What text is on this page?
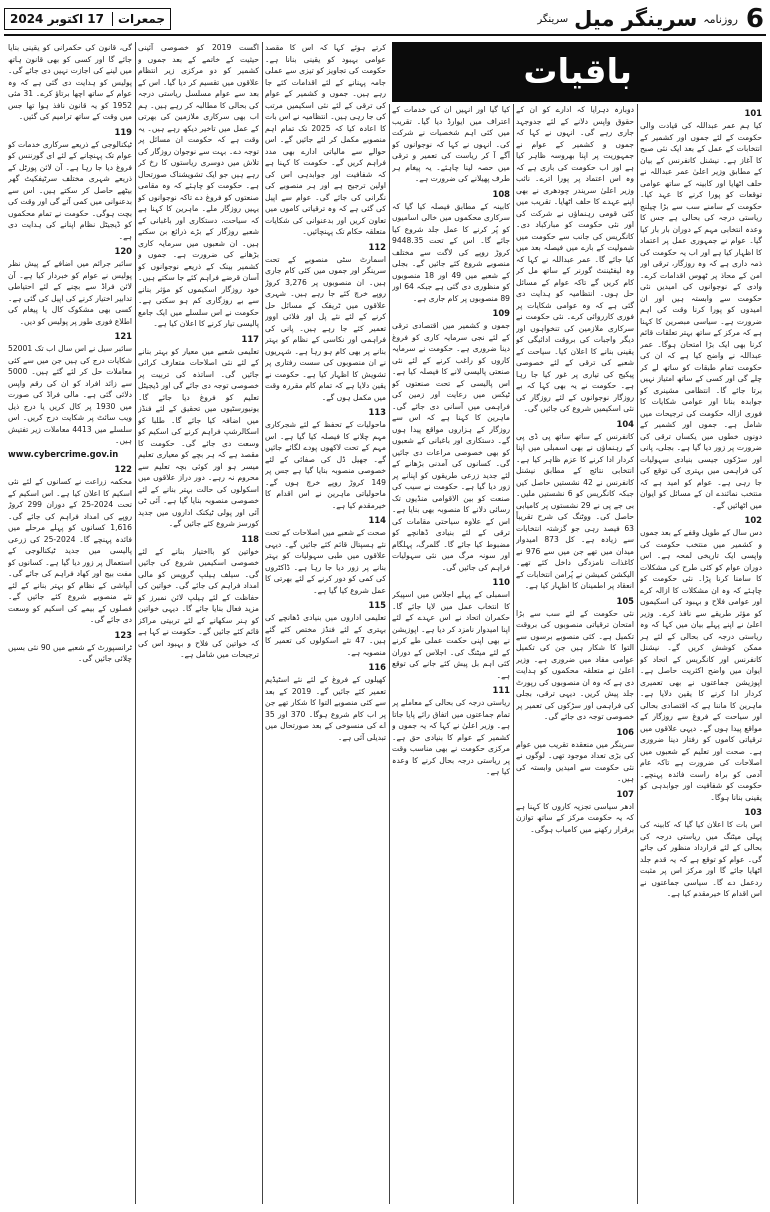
6
روزنامہ
سرینگر میل
سرینگر
17 اکتوبر 2024	جمعرات
باقیات
101

کیا ہم عمر عبداللہ کی قیادت والی حکومت کے لئے جموں اور کشمیر کے انتخابات کے عمل کے بعد ایک نئی صبح کا آغاز ہے۔ نیشنل کانفرنس کے بیان کے مطابق وزیر اعلیٰ عمر عبداللہ نے حلف اٹھایا اور کابینہ کے ساتھ عوامی توقعات کو پورا کرنے کا عہد کیا۔ حکومت کے سامنے سب سے بڑا چیلنج ریاستی درجہ کی بحالی ہے جس کا وعدہ انتخابی مہم کے دوران بار بار کیا گیا۔ عوام نے جمہوری عمل پر اعتماد کا اظہار کیا ہے اور اب یہ حکومت کی ذمہ داری ہے کہ وہ روزگار، ترقی اور امن کے محاذ پر ٹھوس اقدامات کرے۔ وادی کے نوجوانوں کی امیدیں نئی حکومت سے وابستہ ہیں اور ان امیدوں کو پورا کرنا وقت کی اہم ضرورت ہے۔ سیاسی مبصرین کا کہنا ہے کہ مرکز کے ساتھ بہتر تعلقات قائم کرنا بھی ایک بڑا امتحان ہوگا۔ عمر عبداللہ نے واضح کیا ہے کہ ان کی حکومت تمام طبقات کو ساتھ لے کر چلے گی اور کسی کے ساتھ امتیاز نہیں برتا جائے گا۔ انتظامی مشینری کو جوابدہ بنانا اور عوامی شکایات کا فوری ازالہ حکومت کی ترجیحات میں شامل ہے۔ جموں اور کشمیر کے دونوں خطوں میں یکساں ترقی کی ضرورت پر زور دیا گیا ہے۔ بجلی، پانی اور سڑکوں جیسی بنیادی سہولیات کی فراہمی میں بہتری کی توقع کی جا رہی ہے۔ عوام کو امید ہے کہ منتخب نمائندے ان کے مسائل کو ایوان میں اٹھائیں گے۔

102

دس سال کے طویل وقفے کے بعد جموں و کشمیر میں منتخب حکومت کی واپسی ایک تاریخی لمحہ ہے۔ اس دوران عوام کو کئی طرح کی مشکلات کا سامنا کرنا پڑا۔ نئی حکومت کو چاہئے کہ وہ ان مشکلات کا ازالہ کرے اور عوامی فلاح و بہبود کی اسکیموں کو مؤثر طریقے سے نافذ کرے۔ وزیر اعلیٰ نے اپنے پہلے بیان میں کہا کہ وہ ریاستی درجہ کی بحالی کے لئے ہر ممکن کوشش کریں گے۔ نیشنل کانفرنس اور کانگریس کے اتحاد کو ایوان میں واضح اکثریت حاصل ہے۔ اپوزیشن جماعتوں نے بھی تعمیری کردار ادا کرنے کا یقین دلایا ہے۔ ماہرین کا ماننا ہے کہ اقتصادی بحالی اور سیاحت کے فروغ سے روزگار کے مواقع پیدا ہوں گے۔ دیہی علاقوں میں ترقیاتی کاموں کو رفتار دینا ضروری ہے۔ صحت اور تعلیم کے شعبوں میں اصلاحات کی ضرورت ہے تاکہ عام آدمی کو براہ راست فائدہ پہنچے۔ حکومت کو شفافیت اور جوابدہی کو یقینی بنانا ہوگا۔

103

اس بات کا اعلان کیا گیا کہ کابینہ کی پہلی میٹنگ میں ریاستی درجہ کی بحالی کے لئے قرارداد منظور کی جائے گی۔ عوام کو توقع ہے کہ یہ قدم جلد اٹھایا جائے گا اور مرکز اس پر مثبت ردعمل دے گا۔ سیاسی جماعتوں نے اس اقدام کا خیرمقدم کیا ہے۔

دوبارہ دہرایا کہ ادارے کو ان کے حقوق واپس دلانے کے لئے جدوجہد جاری رہے گی۔ انہوں نے کہا کہ جموں و کشمیر کے عوام نے جمہوریت پر اپنا بھروسہ ظاہر کیا ہے اور اب حکومت کی باری ہے کہ وہ اس اعتماد پر پورا اترے۔ نائب وزیر اعلیٰ سریندر چودھری نے بھی اپنے عہدے کا حلف اٹھایا۔ تقریب میں کئی قومی رہنماؤں نے شرکت کی اور نئی حکومت کو مبارکباد دی۔ کانگریس کی جانب سے حکومت میں شمولیت کے بارے میں فیصلہ بعد میں کیا جائے گا۔ عمر عبداللہ نے کہا کہ وہ لیفٹیننٹ گورنر کے ساتھ مل کر کام کریں گے تاکہ عوام کے مسائل حل ہوں۔ انتظامیہ کو ہدایت دی گئی ہے کہ وہ عوامی شکایات پر فوری کارروائی کرے۔ نئی حکومت نے سرکاری ملازمین کی تنخواہوں اور دیگر واجبات کی بروقت ادائیگی کو یقینی بنانے کا اعلان کیا۔ سیاحت کے شعبے کی ترقی کے لئے خصوصی پیکیج کی تیاری پر غور کیا جا رہا ہے۔ حکومت نے یہ بھی کہا کہ بے روزگار نوجوانوں کے لئے روزگار کی نئی اسکیمیں شروع کی جائیں گی۔

104

کانفرنس کے ساتھ ساتھ پی ڈی پی کے رہنماؤں نے بھی اسمبلی میں اپنا کردار ادا کرنے کا عزم ظاہر کیا ہے۔ انتخابی نتائج کے مطابق نیشنل کانفرنس نے 42 نشستیں حاصل کیں جبکہ کانگریس کو 6 نشستیں ملیں۔ بی جے پی نے 29 نشستوں پر کامیابی حاصل کی۔ ووٹنگ کی شرح تقریباً 63 فیصد رہی جو گزشتہ انتخابات سے زیادہ ہے۔ کل 873 امیدوار میدان میں تھے جن میں سے 976 نے کاغذات نامزدگی داخل کئے تھے۔ الیکشن کمیشن نے پُرامن انتخابات کے انعقاد پر اطمینان کا اظہار کیا ہے۔

105

نئی حکومت کے لئے سب سے بڑا امتحان ترقیاتی منصوبوں کی بروقت تکمیل ہے۔ کئی منصوبے برسوں سے التوا کا شکار ہیں جن کی تکمیل عوامی مفاد میں ضروری ہے۔ وزیر اعلیٰ نے متعلقہ محکموں کو ہدایت دی ہے کہ وہ ان منصوبوں کی رپورٹ جلد پیش کریں۔ دیہی ترقی، بجلی کی فراہمی اور سڑکوں کی تعمیر پر خصوصی توجہ دی جائے گی۔

106

سرینگر میں منعقدہ تقریب میں عوام کی بڑی تعداد موجود تھی۔ لوگوں نے نئی حکومت سے امیدیں وابستہ کی ہیں۔

107

ادھر سیاسی تجزیہ کاروں کا کہنا ہے کہ یہ حکومت مرکز کے ساتھ توازن برقرار رکھنے میں کامیاب ہوگی۔

کیا گیا اور انہیں ان کی خدمات کے اعتراف میں ایوارڈ دیا گیا۔ تقریب میں کئی اہم شخصیات نے شرکت کی۔ انہوں نے کہا کہ نوجوانوں کو آگے آ کر ریاست کی تعمیر و ترقی میں حصہ لینا چاہئے۔ یہ پیغام ہر طرف پھیلانے کی ضرورت ہے۔

108

کابینہ کے مطابق فیصلہ کیا گیا کہ سرکاری محکموں میں خالی اسامیوں کو پُر کرنے کا عمل جلد شروع کیا جائے گا۔ اس کے تحت 9448.35 کروڑ روپے کی لاگت سے مختلف منصوبے شروع کئے جائیں گے۔ بجلی کے شعبے میں 49 اور 18 منصوبوں کو منظوری دی گئی ہے جبکہ 64 اور 89 منصوبوں پر کام جاری ہے۔

109

جموں و کشمیر میں اقتصادی ترقی کے لئے نجی سرمایہ کاری کو فروغ دینا ضروری ہے۔ حکومت نے سرمایہ کاروں کو راغب کرنے کے لئے نئی صنعتی پالیسی لانے کا فیصلہ کیا ہے۔ اس پالیسی کے تحت صنعتوں کو ٹیکس میں رعایت اور زمین کی فراہمی میں آسانی دی جائے گی۔ ماہرین کا کہنا ہے کہ اس سے روزگار کے ہزاروں مواقع پیدا ہوں گے۔ دستکاری اور باغبانی کے شعبوں کو بھی خصوصی مراعات دی جائیں گی۔ کسانوں کی آمدنی بڑھانے کے لئے جدید زرعی طریقوں کو اپنانے پر زور دیا گیا ہے۔ حکومت نے سیب کی صنعت کو بین الاقوامی منڈیوں تک رسائی دلانے کا منصوبہ بھی بنایا ہے۔ اس کے علاوہ سیاحتی مقامات کی ترقی کے لئے بنیادی ڈھانچے کو مضبوط کیا جائے گا۔ گلمرگ، پہلگام اور سونہ مرگ میں نئی سہولیات فراہم کی جائیں گی۔

110

اسمبلی کے پہلے اجلاس میں اسپیکر کا انتخاب عمل میں لایا جائے گا۔ حکمران اتحاد نے اس عہدے کے لئے اپنا امیدوار نامزد کر دیا ہے۔ اپوزیشن نے بھی اپنی حکمت عملی طے کرنے کے لئے میٹنگ کی۔ اجلاس کے دوران کئی اہم بل پیش کئے جانے کی توقع ہے۔

111

ریاستی درجہ کی بحالی کے معاملے پر تمام جماعتوں میں اتفاق رائے پایا جاتا ہے۔ وزیر اعلیٰ نے کہا کہ یہ جموں و کشمیر کے عوام کا بنیادی حق ہے۔ مرکزی حکومت نے بھی مناسب وقت پر ریاستی درجہ بحال کرنے کا وعدہ کیا ہے۔

کرتے ہوئے کہا کہ اس کا مقصد عوامی بہبود کو یقینی بنانا ہے۔ حکومت کی تجاویز کو تیزی سے عملی جامہ پہنانے کے لئے اقدامات کئے جا رہے ہیں۔ جموں و کشمیر کے عوام کی ترقی کے لئے نئی اسکیمیں مرتب کی جا رہی ہیں۔ انتظامیہ نے اس بات کا اعادہ کیا کہ 2025 تک تمام اہم منصوبے مکمل کر لئے جائیں گے۔ اس حوالے سے مالیاتی ادارے بھی مدد فراہم کریں گے۔ حکومت کا کہنا ہے کہ شفافیت اور جوابدہی اس کی اولین ترجیح ہے اور ہر منصوبے کی نگرانی کی جائے گی۔ عوام سے اپیل کی گئی ہے کہ وہ ترقیاتی کاموں میں تعاون کریں اور بدعنوانی کی شکایات متعلقہ حکام تک پہنچائیں۔

112

اسمارٹ سٹی منصوبے کے تحت سرینگر اور جموں میں کئی کام جاری ہیں۔ ان منصوبوں پر 3,276 کروڑ روپے خرچ کئے جا رہے ہیں۔ شہری علاقوں میں ٹریفک کے مسائل حل کرنے کے لئے نئے پل اور فلائی اوور تعمیر کئے جا رہے ہیں۔ پانی کی فراہمی اور نکاسی کے نظام کو بہتر بنانے پر بھی کام ہو رہا ہے۔ شہریوں نے ان منصوبوں کی سست رفتاری پر تشویش کا اظہار کیا ہے۔ حکومت نے یقین دلایا ہے کہ تمام کام مقررہ وقت میں مکمل ہوں گے۔

113

ماحولیات کے تحفظ کے لئے شجرکاری مہم چلانے کا فیصلہ کیا گیا ہے۔ اس مہم کے تحت لاکھوں پودے لگائے جائیں گے۔ جھیل ڈل کی صفائی کے لئے خصوصی منصوبہ بنایا گیا ہے جس پر 149 کروڑ روپے خرچ ہوں گے۔ ماحولیاتی ماہرین نے اس اقدام کا خیرمقدم کیا ہے۔

114

صحت کے شعبے میں اصلاحات کے تحت نئے ہسپتال قائم کئے جائیں گے۔ دیہی علاقوں میں طبی سہولیات کو بہتر بنانے پر زور دیا جا رہا ہے۔ ڈاکٹروں کی کمی کو دور کرنے کے لئے بھرتی کا عمل شروع کیا گیا ہے۔

115

تعلیمی اداروں میں بنیادی ڈھانچے کی بہتری کے لئے فنڈز مختص کئے گئے ہیں۔ 47 نئے اسکولوں کی تعمیر کا منصوبہ ہے۔

116

کھیلوں کے فروغ کے لئے نئے اسٹیڈیم تعمیر کئے جائیں گے۔ 2019 کے بعد سے کئی منصوبے التوا کا شکار تھے جن پر اب کام شروع ہوگا۔ 370 اور 35 اے کی منسوخی کے بعد صورتحال میں تبدیلی آئی ہے۔

اگست 2019 کو خصوصی آئینی حیثیت کے خاتمے کے بعد جموں و کشمیر کو دو مرکزی زیر انتظام علاقوں میں تقسیم کر دیا گیا۔ اس کے بعد سے عوام مسلسل ریاستی درجہ کی بحالی کا مطالبہ کر رہے ہیں۔ ہم اب بھی سرکاری ملازمین کی بھرتی کے عمل میں تاخیر دیکھ رہے ہیں۔ یہ وقت ہے کہ حکومت ان مسائل پر توجہ دے۔ بہت سے نوجوان روزگار کی تلاش میں دوسری ریاستوں کا رخ کر رہے ہیں جو ایک تشویشناک صورتحال ہے۔ حکومت کو چاہئے کہ وہ مقامی صنعتوں کو فروغ دے تاکہ نوجوانوں کو یہیں روزگار ملے۔ ماہرین کا کہنا ہے کہ سیاحت، دستکاری اور باغبانی کے شعبے روزگار کے بڑے ذرائع بن سکتے ہیں۔ ان شعبوں میں سرمایہ کاری بڑھانے کی ضرورت ہے۔ جموں و کشمیر بینک کے ذریعے نوجوانوں کو آسان قرضے فراہم کئے جا سکتے ہیں۔ خود روزگار اسکیموں کو مؤثر بنانے سے بے روزگاری کم ہو سکتی ہے۔ حکومت نے اس سلسلے میں ایک جامع پالیسی تیار کرنے کا اعلان کیا ہے۔

117

تعلیمی شعبے میں معیار کو بہتر بنانے کے لئے نئی اصلاحات متعارف کرائی جائیں گی۔ اساتذہ کی تربیت پر خصوصی توجہ دی جائے گی اور ڈیجیٹل تعلیم کو فروغ دیا جائے گا۔ یونیورسٹیوں میں تحقیق کے لئے فنڈز میں اضافہ کیا جائے گا۔ طلبا کو اسکالرشپ فراہم کرنے کی اسکیم کو وسعت دی جائے گی۔ حکومت کا مقصد ہے کہ ہر بچے کو معیاری تعلیم میسر ہو اور کوئی بچہ تعلیم سے محروم نہ رہے۔ دور دراز علاقوں میں اسکولوں کی حالت بہتر بنانے کے لئے خصوصی منصوبہ بنایا گیا ہے۔ آئی ٹی آئی اور پولی ٹیکنک اداروں میں جدید کورسز شروع کئے جائیں گے۔

118

خواتین کو بااختیار بنانے کے لئے خصوصی اسکیمیں شروع کی جائیں گی۔ سیلف ہیلپ گروپس کو مالی امداد فراہم کی جائے گی۔ خواتین کی حفاظت کے لئے ہیلپ لائن نمبرز کو مزید فعال بنایا جائے گا۔ دیہی خواتین کو ہنر سکھانے کے لئے تربیتی مراکز قائم کئے جائیں گے۔ حکومت نے کہا ہے کہ خواتین کی فلاح و بہبود اس کی ترجیحات میں شامل ہے۔

گی، قانون کی حکمرانی کو یقینی بنایا جائے گا اور کسی کو بھی قانون ہاتھ میں لینے کی اجازت نہیں دی جائے گی۔ پولیس کو ہدایت دی گئی ہے کہ وہ عوام کے ساتھ اچھا برتاؤ کرے۔ 31 مئی 1952 کو یہ قانون نافذ ہوا تھا جس میں وقت کے ساتھ ترامیم کی گئیں۔

119

ٹیکنالوجی کے ذریعے سرکاری خدمات کو عوام تک پہنچانے کے لئے ای گورننس کو فروغ دیا جا رہا ہے۔ آن لائن پورٹل کے ذریعے شہری مختلف سرٹیفکیٹ گھر بیٹھے حاصل کر سکتے ہیں۔ اس سے بدعنوانی میں کمی آئے گی اور وقت کی بچت ہوگی۔ حکومت نے تمام محکموں کو ڈیجیٹل نظام اپنانے کی ہدایت دی ہے۔

120

سائبر جرائم میں اضافے کے پیش نظر پولیس نے عوام کو خبردار کیا ہے۔ آن لائن فراڈ سے بچنے کے لئے احتیاطی تدابیر اختیار کرنے کی اپیل کی گئی ہے۔ کسی بھی مشکوک کال یا پیغام کی اطلاع فوری طور پر پولیس کو دیں۔

121

سائبر سیل نے اس سال اب تک 52001 شکایات درج کی ہیں جن میں سے کئی معاملات حل کر لئے گئے ہیں۔ 5000 سے زائد افراد کو ان کی رقم واپس دلائی گئی ہے۔ مالی فراڈ کی صورت میں 1930 پر کال کریں یا درج ذیل ویب سائٹ پر شکایت درج کریں۔ اس سلسلے میں 4413 معاملات زیر تفتیش ہیں۔

www.cybercrime.gov.in
122

محکمہ زراعت نے کسانوں کے لئے نئی اسکیم کا اعلان کیا ہے۔ اس اسکیم کے تحت 2024-25 کے دوران 299 کروڑ روپے کی امداد فراہم کی جائے گی۔ 1,616 کسانوں کو پہلے مرحلے میں فائدہ پہنچے گا۔ 2024-25 کی زرعی پالیسی میں جدید ٹیکنالوجی کے استعمال پر زور دیا گیا ہے۔ کسانوں کو مفت بیج اور کھاد فراہم کی جائے گی۔ آبپاشی کے نظام کو بہتر بنانے کے لئے نئے منصوبے شروع کئے جائیں گے۔ فصلوں کے بیمے کی اسکیم کو وسعت دی جائے گی۔

123

ٹرانسپورٹ کے شعبے میں 90 نئی بسیں چلائی جائیں گی۔
